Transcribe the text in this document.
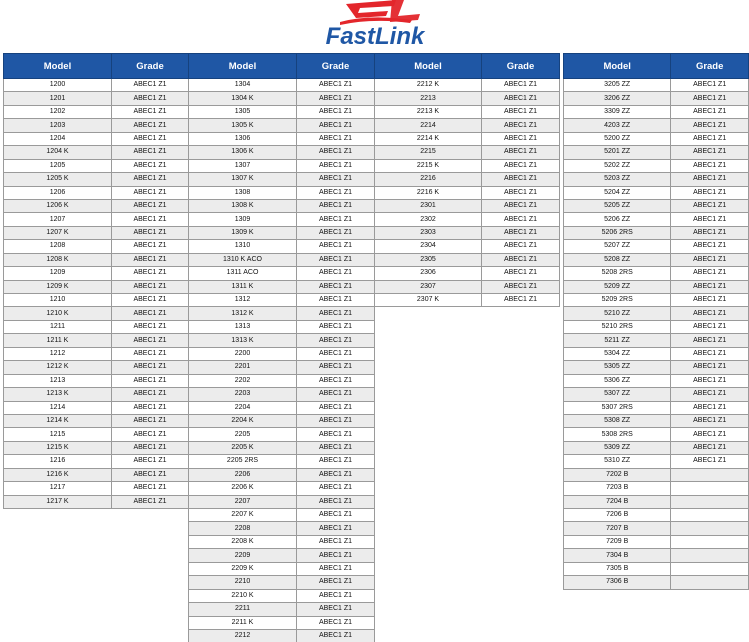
FastLink
Model	Grade
1200	ABEC1 Z1
1201	ABEC1 Z1
1202	ABEC1 Z1
1203	ABEC1 Z1
1204	ABEC1 Z1
1204 K	ABEC1 Z1
1205	ABEC1 Z1
1205 K	ABEC1 Z1
1206	ABEC1 Z1
1206 K	ABEC1 Z1
1207	ABEC1 Z1
1207 K	ABEC1 Z1
1208	ABEC1 Z1
1208 K	ABEC1 Z1
1209	ABEC1 Z1
1209 K	ABEC1 Z1
1210	ABEC1 Z1
1210 K	ABEC1 Z1
1211	ABEC1 Z1
1211 K	ABEC1 Z1
1212	ABEC1 Z1
1212 K	ABEC1 Z1
1213	ABEC1 Z1
1213 K	ABEC1 Z1
1214	ABEC1 Z1
1214 K	ABEC1 Z1
1215	ABEC1 Z1
1215 K	ABEC1 Z1
1216	ABEC1 Z1
1216 K	ABEC1 Z1
1217	ABEC1 Z1
1217 K	ABEC1 Z1
Model	Grade
1304	ABEC1 Z1
1304 K	ABEC1 Z1
1305	ABEC1 Z1
1305 K	ABEC1 Z1
1306	ABEC1 Z1
1306 K	ABEC1 Z1
1307	ABEC1 Z1
1307 K	ABEC1 Z1
1308	ABEC1 Z1
1308 K	ABEC1 Z1
1309	ABEC1 Z1
1309 K	ABEC1 Z1
1310	ABEC1 Z1
1310 K ACO	ABEC1 Z1
1311 ACO	ABEC1 Z1
1311 K	ABEC1 Z1
1312	ABEC1 Z1
1312 K	ABEC1 Z1
1313	ABEC1 Z1
1313 K	ABEC1 Z1
2200	ABEC1 Z1
2201	ABEC1 Z1
2202	ABEC1 Z1
2203	ABEC1 Z1
2204	ABEC1 Z1
2204 K	ABEC1 Z1
2205	ABEC1 Z1
2205 K	ABEC1 Z1
2205 2RS	ABEC1 Z1
2206	ABEC1 Z1
2206 K	ABEC1 Z1
2207	ABEC1 Z1
2207 K	ABEC1 Z1
2208	ABEC1 Z1
2208 K	ABEC1 Z1
2209	ABEC1 Z1
2209 K	ABEC1 Z1
2210	ABEC1 Z1
2210 K	ABEC1 Z1
2211	ABEC1 Z1
2211 K	ABEC1 Z1
2212	ABEC1 Z1
Model	Grade
2212 K	ABEC1 Z1
2213	ABEC1 Z1
2213 K	ABEC1 Z1
2214	ABEC1 Z1
2214 K	ABEC1 Z1
2215	ABEC1 Z1
2215 K	ABEC1 Z1
2216	ABEC1 Z1
2216 K	ABEC1 Z1
2301	ABEC1 Z1
2302	ABEC1 Z1
2303	ABEC1 Z1
2304	ABEC1 Z1
2305	ABEC1 Z1
2306	ABEC1 Z1
2307	ABEC1 Z1
2307 K	ABEC1 Z1
Model	Grade
3205 ZZ	ABEC1 Z1
3206 ZZ	ABEC1 Z1
3309 ZZ	ABEC1 Z1
4203 ZZ	ABEC1 Z1
5200 ZZ	ABEC1 Z1
5201 ZZ	ABEC1 Z1
5202 ZZ	ABEC1 Z1
5203 ZZ	ABEC1 Z1
5204 ZZ	ABEC1 Z1
5205 ZZ	ABEC1 Z1
5206 ZZ	ABEC1 Z1
5206 2RS	ABEC1 Z1
5207 ZZ	ABEC1 Z1
5208 ZZ	ABEC1 Z1
5208 2RS	ABEC1 Z1
5209 ZZ	ABEC1 Z1
5209 2RS	ABEC1 Z1
5210 ZZ	ABEC1 Z1
5210 2RS	ABEC1 Z1
5211 ZZ	ABEC1 Z1
5304 ZZ	ABEC1 Z1
5305 ZZ	ABEC1 Z1
5306 ZZ	ABEC1 Z1
5307 ZZ	ABEC1 Z1
5307 2RS	ABEC1 Z1
5308 ZZ	ABEC1 Z1
5308 2RS	ABEC1 Z1
5309 ZZ	ABEC1 Z1
5310 ZZ	ABEC1 Z1
7202 B	
7203 B	
7204 B	
7206 B	
7207 B	
7209 B	
7304 B	
7305 B	
7306 B	
